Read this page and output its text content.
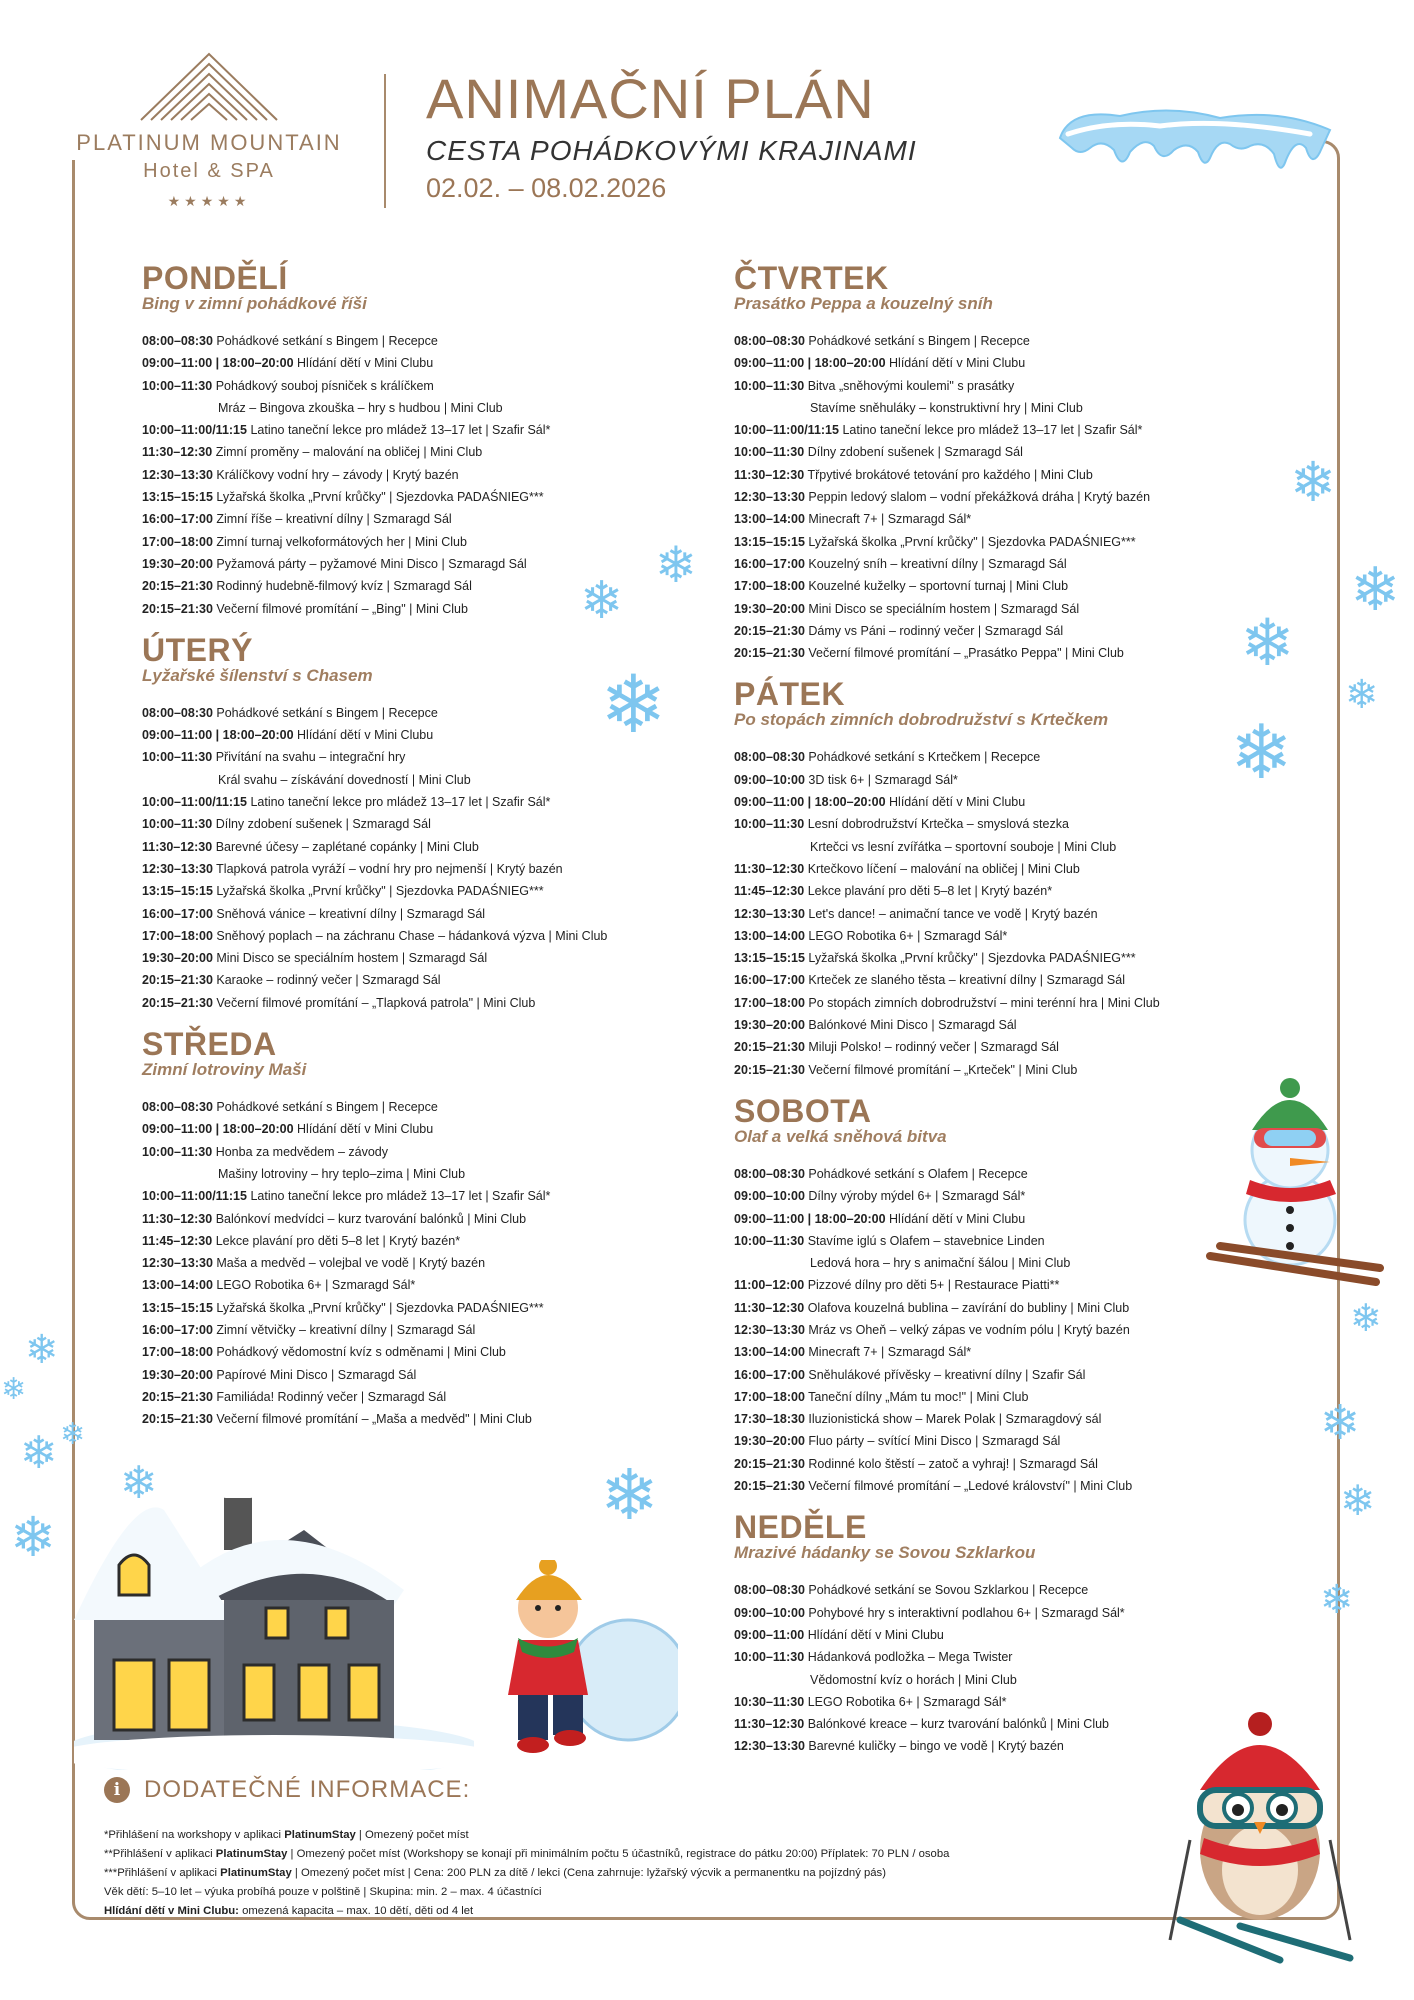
PLATINUM MOUNTAIN
Hotel & SPA
★★★★★
ANIMAČNÍ PLÁN
CESTA POHÁDKOVÝMI KRAJINAMI
02.02. – 08.02.2026
PONDĚLÍ
Bing v zimní pohádkové říši
08:00–08:30 Pohádkové setkání s Bingem | Recepce
09:00–11:00 | 18:00–20:00 Hlídání dětí v Mini Clubu
10:00–11:30 Pohádkový souboj písniček s králíčkem
Mráz – Bingova zkouška – hry s hudbou | Mini Club
10:00–11:00/11:15 Latino taneční lekce pro mládež 13–17 let | Szafir Sál*
11:30–12:30 Zimní proměny – malování na obličej | Mini Club
12:30–13:30 Králíčkovy vodní hry – závody | Krytý bazén
13:15–15:15 Lyžařská školka „První krůčky" | Sjezdovka PADAŚNIEG***
16:00–17:00 Zimní říše – kreativní dílny | Szmaragd Sál
17:00–18:00 Zimní turnaj velkoformátových her | Mini Club
19:30–20:00 Pyžamová párty – pyžamové Mini Disco | Szmaragd Sál
20:15–21:30 Rodinný hudebně-filmový kvíz | Szmaragd Sál
20:15–21:30 Večerní filmové promítání – „Bing" | Mini Club
ÚTERÝ
Lyžařské šílenství s Chasem
08:00–08:30 Pohádkové setkání s Bingem | Recepce
09:00–11:00 | 18:00–20:00 Hlídání dětí v Mini Clubu
10:00–11:30 Přivítání na svahu – integrační hry
Král svahu – získávání dovedností | Mini Club
10:00–11:00/11:15 Latino taneční lekce pro mládež 13–17 let | Szafir Sál*
10:00–11:30 Dílny zdobení sušenek | Szmaragd Sál
11:30–12:30 Barevné účesy – zaplétané copánky | Mini Club
12:30–13:30 Tlapková patrola vyráží – vodní hry pro nejmenší | Krytý bazén
13:15–15:15 Lyžařská školka „První krůčky" | Sjezdovka PADAŚNIEG***
16:00–17:00 Sněhová vánice – kreativní dílny | Szmaragd Sál
17:00–18:00 Sněhový poplach – na záchranu Chase – hádanková výzva | Mini Club
19:30–20:00 Mini Disco se speciálním hostem | Szmaragd Sál
20:15–21:30 Karaoke – rodinný večer | Szmaragd Sál
20:15–21:30 Večerní filmové promítání – „Tlapková patrola" | Mini Club
STŘEDA
Zimní lotroviny Maši
08:00–08:30 Pohádkové setkání s Bingem | Recepce
09:00–11:00 | 18:00–20:00 Hlídání dětí v Mini Clubu
10:00–11:30 Honba za medvědem – závody
Mašiny lotroviny – hry teplo–zima | Mini Club
10:00–11:00/11:15 Latino taneční lekce pro mládež 13–17 let | Szafir Sál*
11:30–12:30 Balónkoví medvídci – kurz tvarování balónků | Mini Club
11:45–12:30 Lekce plavání pro děti 5–8 let | Krytý bazén*
12:30–13:30 Maša a medvěd – volejbal ve vodě | Krytý bazén
13:00–14:00 LEGO Robotika 6+ | Szmaragd Sál*
13:15–15:15 Lyžařská školka „První krůčky" | Sjezdovka PADAŚNIEG***
16:00–17:00 Zimní větvičky – kreativní dílny | Szmaragd Sál
17:00–18:00 Pohádkový vědomostní kvíz s odměnami | Mini Club
19:30–20:00 Papírové Mini Disco | Szmaragd Sál
20:15–21:30 Familiáda! Rodinný večer | Szmaragd Sál
20:15–21:30 Večerní filmové promítání – „Maša a medvěd" | Mini Club
ČTVRTEK
Prasátko Peppa a kouzelný sníh
08:00–08:30 Pohádkové setkání s Bingem | Recepce
09:00–11:00 | 18:00–20:00 Hlídání dětí v Mini Clubu
10:00–11:30 Bitva „sněhovými koulemi" s prasátky
Stavíme sněhuláky – konstruktivní hry | Mini Club
10:00–11:00/11:15 Latino taneční lekce pro mládež 13–17 let | Szafir Sál*
10:00–11:30 Dílny zdobení sušenek | Szmaragd Sál
11:30–12:30 Třpytivé brokátové tetování pro každého | Mini Club
12:30–13:30 Peppin ledový slalom – vodní překážková dráha | Krytý bazén
13:00–14:00 Minecraft 7+ | Szmaragd Sál*
13:15–15:15 Lyžařská školka „První krůčky" | Sjezdovka PADAŚNIEG***
16:00–17:00 Kouzelný sníh – kreativní dílny | Szmaragd Sál
17:00–18:00 Kouzelné kuželky – sportovní turnaj | Mini Club
19:30–20:00 Mini Disco se speciálním hostem | Szmaragd Sál
20:15–21:30 Dámy vs Páni – rodinný večer | Szmaragd Sál
20:15–21:30 Večerní filmové promítání – „Prasátko Peppa" | Mini Club
PÁTEK
Po stopách zimních dobrodružství s Krtečkem
08:00–08:30 Pohádkové setkání s Krtečkem | Recepce
09:00–10:00 3D tisk 6+ | Szmaragd Sál*
09:00–11:00 | 18:00–20:00 Hlídání dětí v Mini Clubu
10:00–11:30 Lesní dobrodružství Krtečka – smyslová stezka
Krtečci vs lesní zvířátka – sportovní souboje | Mini Club
11:30–12:30 Krtečkovo líčení – malování na obličej | Mini Club
11:45–12:30 Lekce plavání pro děti 5–8 let | Krytý bazén*
12:30–13:30 Let's dance! – animační tance ve vodě | Krytý bazén
13:00–14:00 LEGO Robotika 6+ | Szmaragd Sál*
13:15–15:15 Lyžařská školka „První krůčky" | Sjezdovka PADAŚNIEG***
16:00–17:00 Krteček ze slaného těsta – kreativní dílny | Szmaragd Sál
17:00–18:00 Po stopách zimních dobrodružství – mini terénní hra | Mini Club
19:30–20:00 Balónkové Mini Disco | Szmaragd Sál
20:15–21:30 Miluji Polsko! – rodinný večer | Szmaragd Sál
20:15–21:30 Večerní filmové promítání – „Krteček" | Mini Club
SOBOTA
Olaf a velká sněhová bitva
08:00–08:30 Pohádkové setkání s Olafem | Recepce
09:00–10:00 Dílny výroby mýdel 6+ | Szmaragd Sál*
09:00–11:00 | 18:00–20:00 Hlídání dětí v Mini Clubu
10:00–11:30 Stavíme iglú s Olafem – stavebnice Linden
Ledová hora – hry s animační šálou | Mini Club
11:00–12:00 Pizzové dílny pro děti 5+ | Restaurace Piatti**
11:30–12:30 Olafova kouzelná bublina – zavírání do bubliny | Mini Club
12:30–13:30 Mráz vs Oheň – velký zápas ve vodním pólu | Krytý bazén
13:00–14:00 Minecraft 7+ | Szmaragd Sál*
16:00–17:00 Sněhulákové přívěsky – kreativní dílny | Szafir Sál
17:00–18:00 Taneční dílny „Mám tu moc!" | Mini Club
17:30–18:30 Iluzionistická show – Marek Polak | Szmaragdový sál
19:30–20:00 Fluo párty – svítící Mini Disco | Szmaragd Sál
20:15–21:30 Rodinné kolo štěstí – zatoč a vyhraj! | Szmaragd Sál
20:15–21:30 Večerní filmové promítání – „Ledové království" | Mini Club
NEDĚLE
Mrazivé hádanky se Sovou Szklarkou
08:00–08:30 Pohádkové setkání se Sovou Szklarkou | Recepce
09:00–10:00 Pohybové hry s interaktivní podlahou 6+ | Szmaragd Sál*
09:00–11:00 Hlídání dětí v Mini Clubu
10:00–11:30 Hádanková podložka – Mega Twister
Vědomostní kvíz o horách | Mini Club
10:30–11:30 LEGO Robotika 6+ | Szmaragd Sál*
11:30–12:30 Balónkové kreace – kurz tvarování balónků | Mini Club
12:30–13:30 Barevné kuličky – bingo ve vodě | Krytý bazén
❄
❄
❄
❄
❄
❄
❄
❄
❄
❄
❄
❄
❄
❄
❄
❄
❄
❄
❄
i DODATEČNÉ INFORMACE:
*Přihlášení na workshopy v aplikaci PlatinumStay | Omezený počet míst
**Přihlášení v aplikaci PlatinumStay | Omezený počet míst (Workshopy se konají při minimálním počtu 5 účastníků, registrace do pátku 20:00) Příplatek: 70 PLN / osoba
***Přihlášení v aplikaci PlatinumStay | Omezený počet míst | Cena: 200 PLN za dítě / lekci (Cena zahrnuje: lyžařský výcvik a permanentku na pojízdný pás)
Věk dětí: 5–10 let – výuka probíhá pouze v polštině | Skupina: min. 2 – max. 4 účastníci
Hlídání dětí v Mini Clubu: omezená kapacita – max. 10 dětí, děti od 4 let
